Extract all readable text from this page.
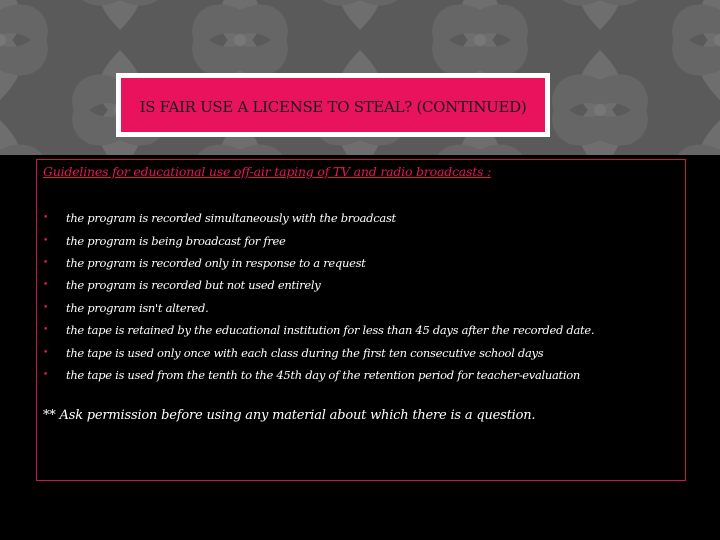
IS FAIR USE A LICENSE TO STEAL? (CONTINUED)
Guidelines for educational use off-air taping of TV and radio broadcasts :
•	the program is recorded simultaneously with the broadcast
•	the program is being broadcast for free
•	the program is recorded only in response to a request
•	the program is recorded but not used entirely
•	the program isn't altered.
•	the tape is retained by the educational institution for less than 45 days after the recorded date.
•	the tape is used only once with each class during the first ten consecutive school days
•	the tape is used from the tenth to the 45th day of the retention period for teacher-evaluation
** Ask permission before using any material about which there is a question.
